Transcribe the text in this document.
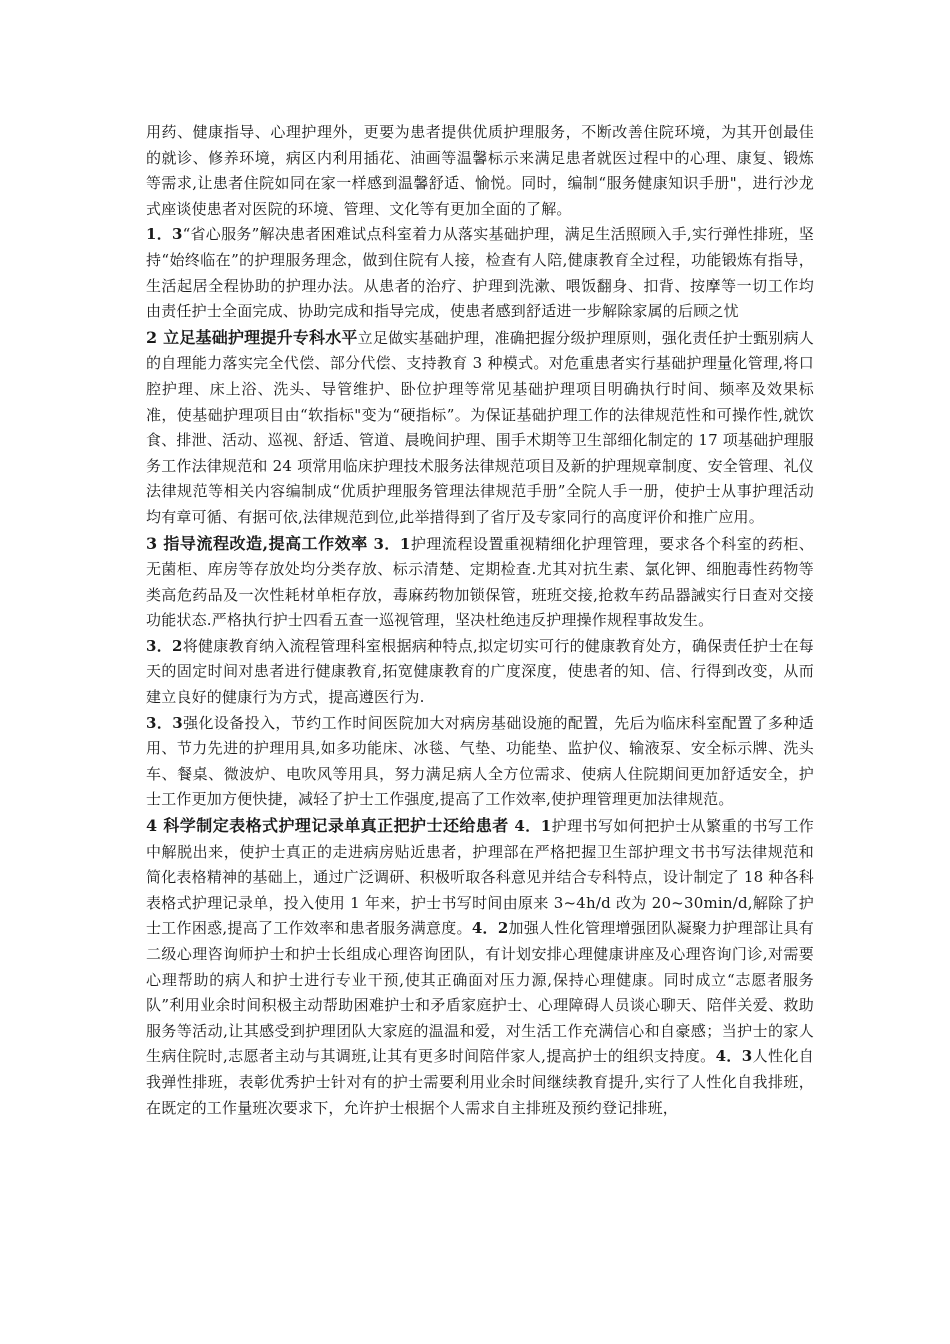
用药、健康指导、心理护理外，更要为患者提供优质护理服务，不断改善住院环境，为其开创最佳的就诊、修养环境，病区内利用插花、油画等温馨标示来满足患者就医过程中的心理、康复、锻炼等需求,让患者住院如同在家一样感到温馨舒适、愉悦。同时，编制“服务健康知识手册"，进行沙龙式座谈使患者对医院的环境、管理、文化等有更加全面的了解。

1．3“省心服务”解决患者困难试点科室着力从落实基础护理，满足生活照顾入手,实行弹性排班，坚持“始终临在”的护理服务理念，做到住院有人接，检查有人陪,健康教育全过程，功能锻炼有指导，生活起居全程协助的护理办法。从患者的治疗、护理到洗漱、喂饭翻身、扣背、按摩等一切工作均由责任护士全面完成、协助完成和指导完成，使患者感到舒适进一步解除家属的后顾之忧

2 立足基础护理提升专科水平立足做实基础护理，准确把握分级护理原则，强化责任护士甄别病人的自理能力落实完全代偿、部分代偿、支持教育 3 种模式。对危重患者实行基础护理量化管理,将口腔护理、床上浴、洗头、导管维护、卧位护理等常见基础护理项目明确执行时间、频率及效果标准，使基础护理项目由“软指标"变为“硬指标”。为保证基础护理工作的法律规范性和可操作性,就饮食、排泄、活动、巡视、舒适、管道、晨晚间护理、围手术期等卫生部细化制定的 17 项基础护理服务工作法律规范和 24 项常用临床护理技术服务法律规范项目及新的护理规章制度、安全管理、礼仪法律规范等相关内容编制成“优质护理服务管理法律规范手册”全院人手一册，使护士从事护理活动均有章可循、有据可依,法律规范到位,此举措得到了省厅及专家同行的高度评价和推广应用。

3 指导流程改造,提高工作效率 3．1护理流程设置重视精细化护理管理，要求各个科室的药柜、无菌柜、库房等存放处均分类存放、标示清楚、定期检查.尤其对抗生素、氯化钾、细胞毒性药物等类高危药品及一次性耗材单柜存放，毒麻药物加锁保管，班班交接,抢救车药品器誡实行日查对交接功能状态.严格执行护士四看五查一巡视管理，坚决杜绝违反护理操作规程事故发生。

3．2将健康教育纳入流程管理科室根据病种特点,拟定切实可行的健康教育处方，确保责任护士在每天的固定时间对患者进行健康教育,拓宽健康教育的广度深度，使患者的知、信、行得到改变，从而建立良好的健康行为方式，提高遵医行为.

3．3强化设备投入，节约工作时间医院加大对病房基础设施的配置，先后为临床科室配置了多种适用、节力先进的护理用具,如多功能床、冰毯、气垫、功能垫、监护仪、输液泵、安全标示牌、洗头车、餐桌、微波炉、电吹风等用具，努力满足病人全方位需求、使病人住院期间更加舒适安全，护士工作更加方便快捷，减轻了护士工作强度,提高了工作效率,使护理管理更加法律规范。

4 科学制定表格式护理记录单真正把护士还给患者 4．1护理书写如何把护士从繁重的书写工作中解脱出来，使护士真正的走进病房贴近患者，护理部在严格把握卫生部护理文书书写法律规范和简化表格精神的基础上，通过广泛调研、积极听取各科意见并结合专科特点，设计制定了 18 种各科表格式护理记录单，投入使用 1 年来，护士书写时间由原来 3~4h/d 改为 20~30min/d,解除了护士工作困惑,提高了工作效率和患者服务满意度。4．2加强人性化管理增强团队凝聚力护理部让具有二级心理咨询师护士和护士长组成心理咨询团队，有计划安排心理健康讲座及心理咨询门诊,对需要心理帮助的病人和护士进行专业干预,使其正确面对压力源,保持心理健康。同时成立“志愿者服务队”利用业余时间积极主动帮助困难护士和矛盾家庭护士、心理障碍人员谈心聊天、陪伴关爱、救助服务等活动,让其感受到护理团队大家庭的温温和爱，对生活工作充满信心和自豪感；当护士的家人生病住院时,志愿者主动与其调班,让其有更多时间陪伴家人,提高护士的组织支持度。4．3人性化自我弹性排班，表彰优秀护士针对有的护士需要利用业余时间继续教育提升,实行了人性化自我排班，在既定的工作量班次要求下，允许护士根据个人需求自主排班及预约登记排班，
